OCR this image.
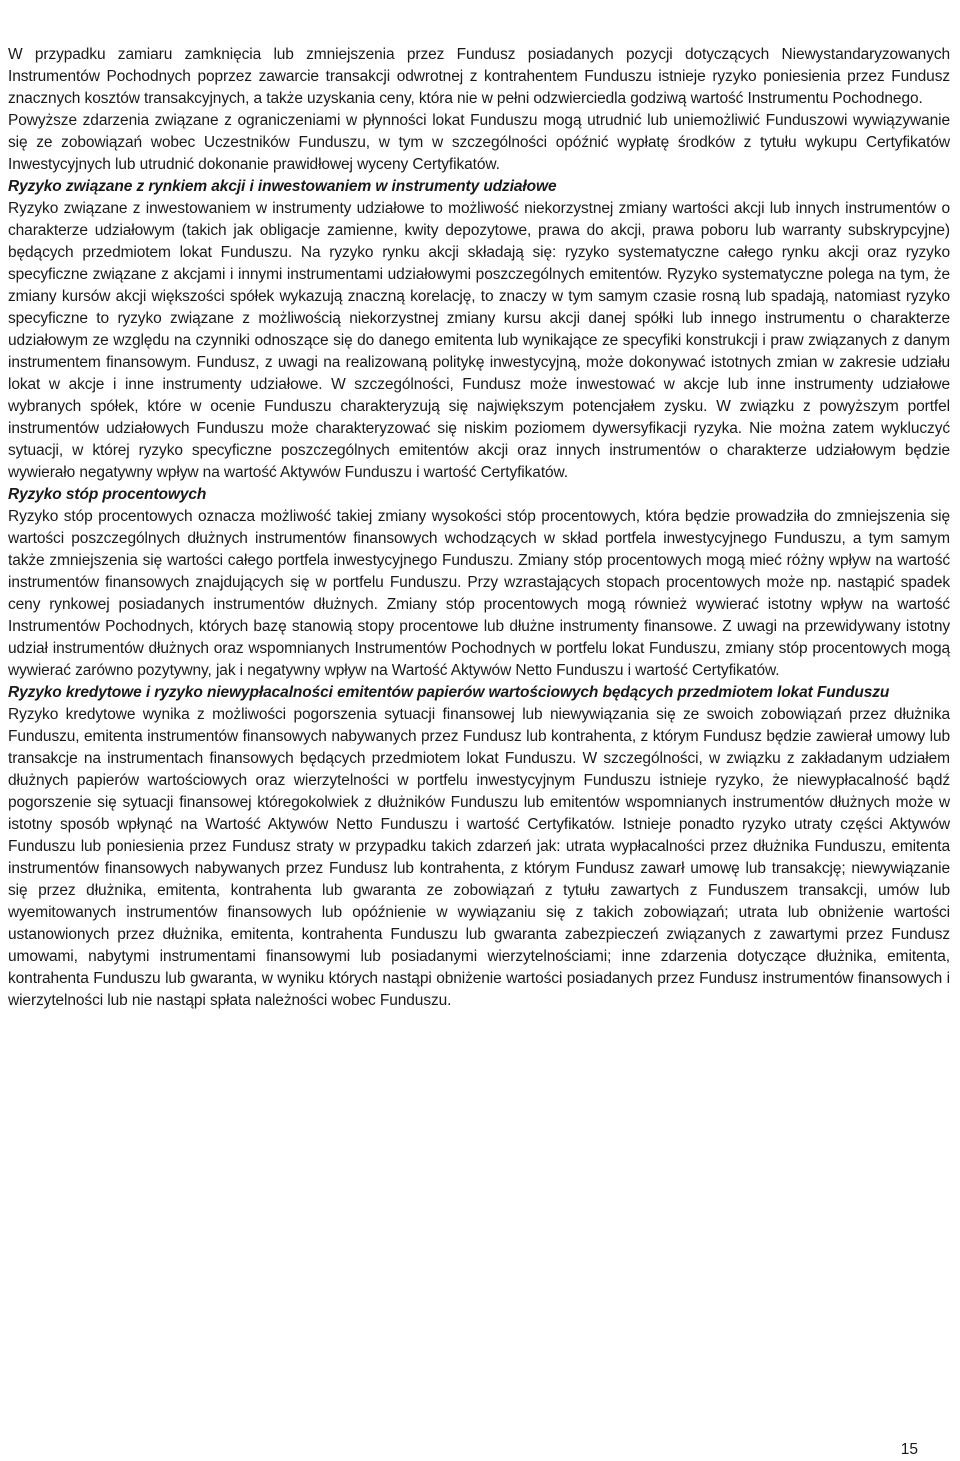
W przypadku zamiaru zamknięcia lub zmniejszenia przez Fundusz posiadanych pozycji dotyczących Niewystandaryzowanych Instrumentów Pochodnych poprzez zawarcie transakcji odwrotnej z kontrahentem Funduszu istnieje ryzyko poniesienia przez Fundusz znacznych kosztów transakcyjnych, a także uzyskania ceny, która nie w pełni odzwierciedla godziwą wartość Instrumentu Pochodnego.

Powyższe zdarzenia związane z ograniczeniami w płynności lokat Funduszu mogą utrudnić lub uniemożliwić Funduszowi wywiązywanie się ze zobowiązań wobec Uczestników Funduszu, w tym w szczególności opóźnić wypłatę środków z tytułu wykupu Certyfikatów Inwestycyjnych lub utrudnić dokonanie prawidłowej wyceny Certyfikatów.

Ryzyko związane z rynkiem akcji i inwestowaniem w instrumenty udziałowe

Ryzyko związane z inwestowaniem w instrumenty udziałowe to możliwość niekorzystnej zmiany wartości akcji lub innych instrumentów o charakterze udziałowym (takich jak obligacje zamienne, kwity depozytowe, prawa do akcji, prawa poboru lub warranty subskrypcyjne) będących przedmiotem lokat Funduszu. Na ryzyko rynku akcji składają się: ryzyko systematyczne całego rynku akcji oraz ryzyko specyficzne związane z akcjami i innymi instrumentami udziałowymi poszczególnych emitentów. Ryzyko systematyczne polega na tym, że zmiany kursów akcji większości spółek wykazują znaczną korelację, to znaczy w tym samym czasie rosną lub spadają, natomiast ryzyko specyficzne to ryzyko związane z możliwością niekorzystnej zmiany kursu akcji danej spółki lub innego instrumentu o charakterze udziałowym ze względu na czynniki odnoszące się do danego emitenta lub wynikające ze specyfiki konstrukcji i praw związanych z danym instrumentem finansowym. Fundusz, z uwagi na realizowaną politykę inwestycyjną, może dokonywać istotnych zmian w zakresie udziału lokat w akcje i inne instrumenty udziałowe. W szczególności, Fundusz może inwestować w akcje lub inne instrumenty udziałowe wybranych spółek, które w ocenie Funduszu charakteryzują się największym potencjałem zysku. W związku z powyższym portfel instrumentów udziałowych Funduszu może charakteryzować się niskim poziomem dywersyfikacji ryzyka. Nie można zatem wykluczyć sytuacji, w której ryzyko specyficzne poszczególnych emitentów akcji oraz innych instrumentów o charakterze udziałowym będzie wywierało negatywny wpływ na wartość Aktywów Funduszu i wartość Certyfikatów.

Ryzyko stóp procentowych

Ryzyko stóp procentowych oznacza możliwość takiej zmiany wysokości stóp procentowych, która będzie prowadziła do zmniejszenia się wartości poszczególnych dłużnych instrumentów finansowych wchodzących w skład portfela inwestycyjnego Funduszu, a tym samym także zmniejszenia się wartości całego portfela inwestycyjnego Funduszu. Zmiany stóp procentowych mogą mieć różny wpływ na wartość instrumentów finansowych znajdujących się w portfelu Funduszu. Przy wzrastających stopach procentowych może np. nastąpić spadek ceny rynkowej posiadanych instrumentów dłużnych. Zmiany stóp procentowych mogą również wywierać istotny wpływ na wartość Instrumentów Pochodnych, których bazę stanowią stopy procentowe lub dłużne instrumenty finansowe. Z uwagi na przewidywany istotny udział instrumentów dłużnych oraz wspomnianych Instrumentów Pochodnych w portfelu lokat Funduszu, zmiany stóp procentowych mogą wywierać zarówno pozytywny, jak i negatywny wpływ na Wartość Aktywów Netto Funduszu i wartość Certyfikatów.

Ryzyko kredytowe i ryzyko niewypłacalności emitentów papierów wartościowych będących przedmiotem lokat Funduszu

Ryzyko kredytowe wynika z możliwości pogorszenia sytuacji finansowej lub niewywiązania się ze swoich zobowiązań przez dłużnika Funduszu, emitenta instrumentów finansowych nabywanych przez Fundusz lub kontrahenta, z którym Fundusz będzie zawierał umowy lub transakcje na instrumentach finansowych będących przedmiotem lokat Funduszu. W szczególności, w związku z zakładanym udziałem dłużnych papierów wartościowych oraz wierzytelności w portfelu inwestycyjnym Funduszu istnieje ryzyko, że niewypłacalność bądź pogorszenie się sytuacji finansowej któregokolwiek z dłużników Funduszu lub emitentów wspomnianych instrumentów dłużnych może w istotny sposób wpłynąć na Wartość Aktywów Netto Funduszu i wartość Certyfikatów. Istnieje ponadto ryzyko utraty części Aktywów Funduszu lub poniesienia przez Fundusz straty w przypadku takich zdarzeń jak: utrata wypłacalności przez dłużnika Funduszu, emitenta instrumentów finansowych nabywanych przez Fundusz lub kontrahenta, z którym Fundusz zawarł umowę lub transakcję; niewywiązanie się przez dłużnika, emitenta, kontrahenta lub gwaranta ze zobowiązań z tytułu zawartych z Funduszem transakcji, umów lub wyemitowanych instrumentów finansowych lub opóźnienie w wywiązaniu się z takich zobowiązań; utrata lub obniżenie wartości ustanowionych przez dłużnika, emitenta, kontrahenta Funduszu lub gwaranta zabezpieczeń związanych z zawartymi przez Fundusz umowami, nabytymi instrumentami finansowymi lub posiadanymi wierzytelnościami; inne zdarzenia dotyczące dłużnika, emitenta, kontrahenta Funduszu lub gwaranta, w wyniku których nastąpi obniżenie wartości posiadanych przez Fundusz instrumentów finansowych i wierzytelności lub nie nastąpi spłata należności wobec Funduszu.

15
